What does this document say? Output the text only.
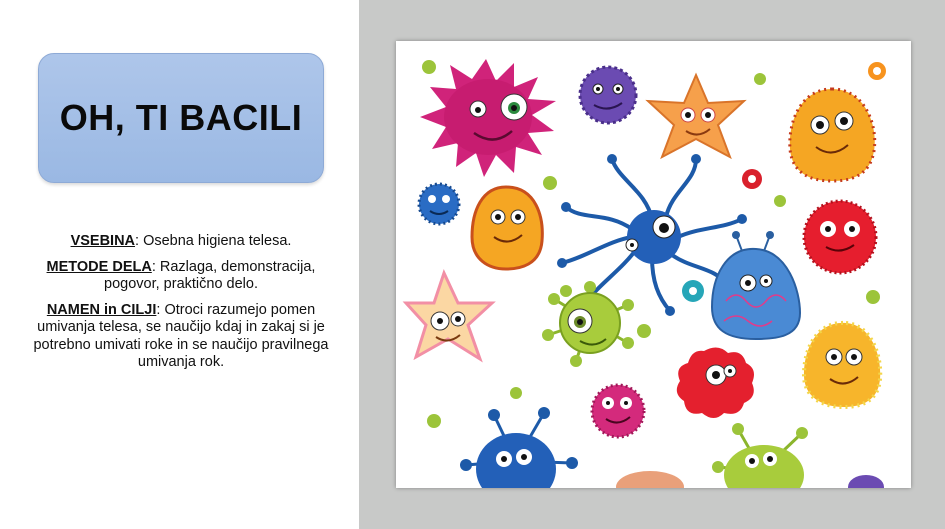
OH, TI BACILI

VSEBINA: Osebna higiena telesa.

METODE DELA: Razlaga, demonstracija, pogovor, praktično delo.

NAMEN in CILJI: Otroci razumejo pomen umivanja telesa, se naučijo kdaj in zakaj si je potrebno umivati roke in se naučijo pravilnega umivanja rok.
